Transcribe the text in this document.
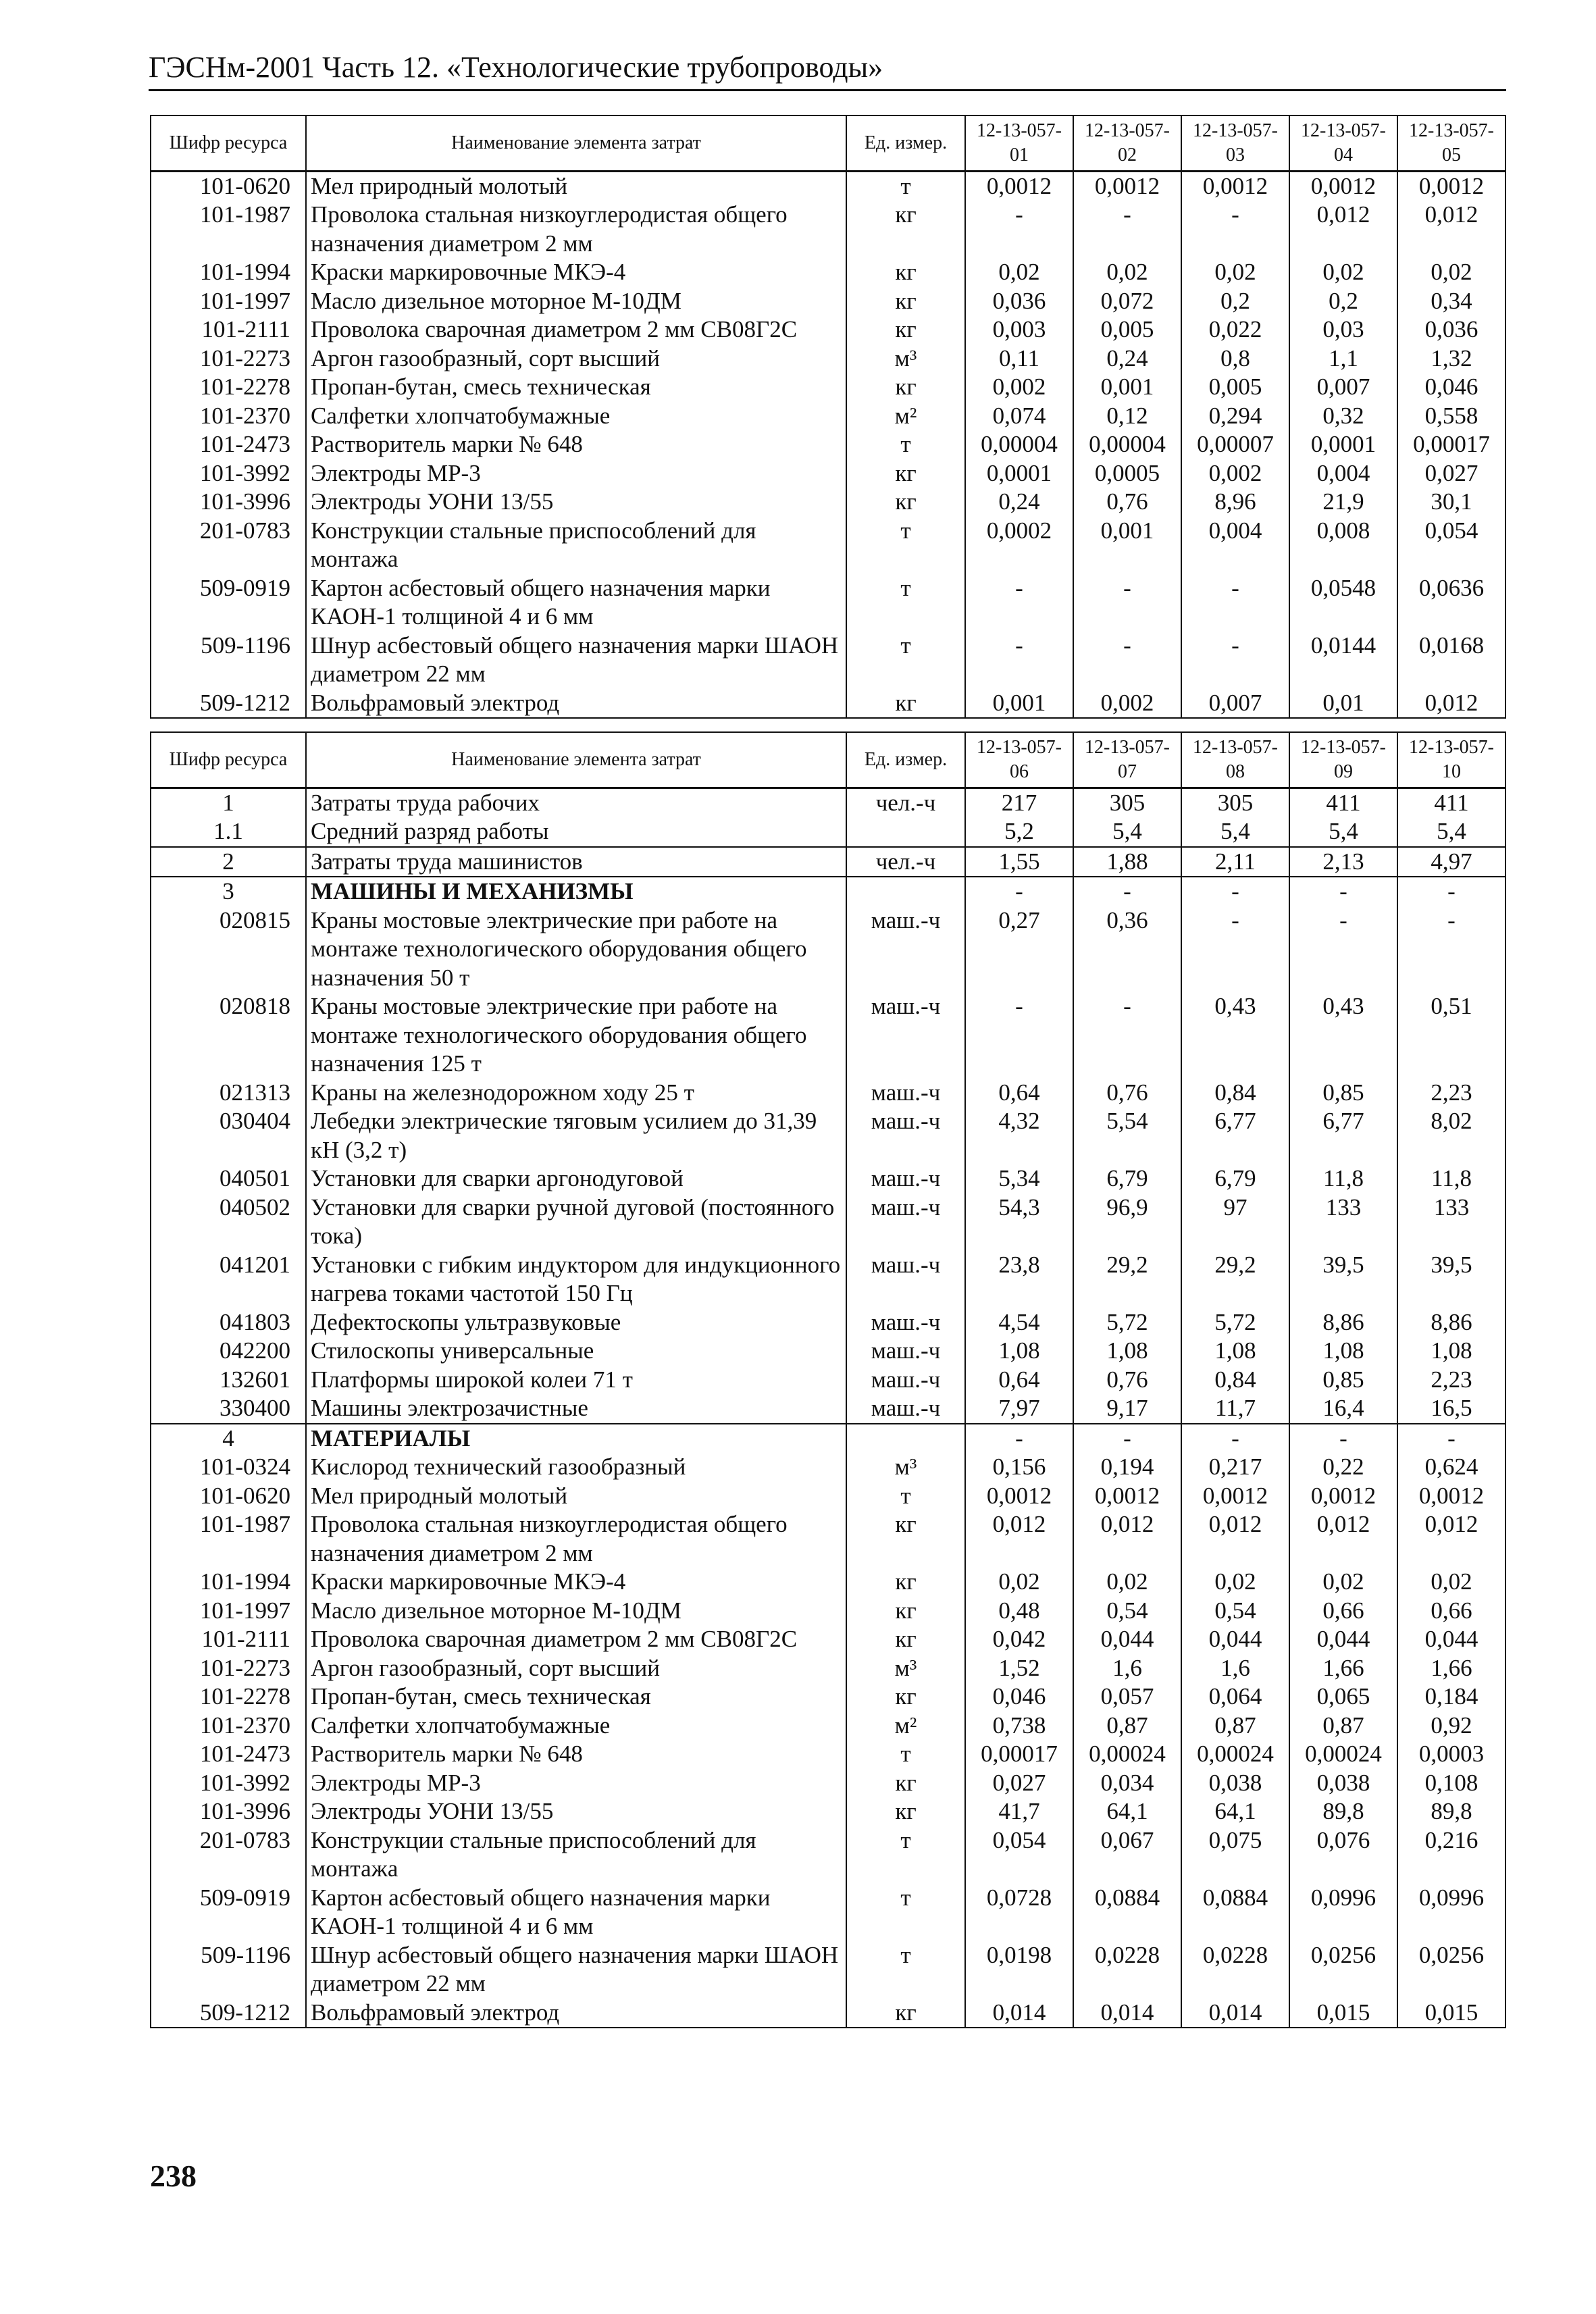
ГЭСНм-2001 Часть 12. «Технологические трубопроводы»
Шифр ресурса	Наименование элемента затрат	Ед. измер.	12-13-057-01	12-13-057-02	12-13-057-03	12-13-057-04	12-13-057-05
101-0620	Мел природный молотый	т	0,0012	0,0012	0,0012	0,0012	0,0012
101-1987	Проволока стальная низкоуглеродистая общего назначения диаметром 2 мм	кг	-	-	-	0,012	0,012
101-1994	Краски маркировочные МКЭ-4	кг	0,02	0,02	0,02	0,02	0,02
101-1997	Масло дизельное моторное М-10ДМ	кг	0,036	0,072	0,2	0,2	0,34
101-2111	Проволока сварочная диаметром 2 мм СВ08Г2С	кг	0,003	0,005	0,022	0,03	0,036
101-2273	Аргон газообразный, сорт высший	м³	0,11	0,24	0,8	1,1	1,32
101-2278	Пропан-бутан, смесь техническая	кг	0,002	0,001	0,005	0,007	0,046
101-2370	Салфетки хлопчатобумажные	м²	0,074	0,12	0,294	0,32	0,558
101-2473	Растворитель марки № 648	т	0,00004	0,00004	0,00007	0,0001	0,00017
101-3992	Электроды МР-3	кг	0,0001	0,0005	0,002	0,004	0,027
101-3996	Электроды УОНИ 13/55	кг	0,24	0,76	8,96	21,9	30,1
201-0783	Конструкции стальные приспособлений для монтажа	т	0,0002	0,001	0,004	0,008	0,054
509-0919	Картон асбестовый общего назначения марки КАОН-1 толщиной 4 и 6 мм	т	-	-	-	0,0548	0,0636
509-1196	Шнур асбестовый общего назначения марки ШАОН диаметром 22 мм	т	-	-	-	0,0144	0,0168
509-1212	Вольфрамовый электрод	кг	0,001	0,002	0,007	0,01	0,012
Шифр ресурса	Наименование элемента затрат	Ед. измер.	12-13-057-06	12-13-057-07	12-13-057-08	12-13-057-09	12-13-057-10
1	Затраты труда рабочих	чел.-ч	217	305	305	411	411
1.1	Средний разряд работы		5,2	5,4	5,4	5,4	5,4
2	Затраты труда машинистов	чел.-ч	1,55	1,88	2,11	2,13	4,97
3	МАШИНЫ И МЕХАНИЗМЫ		-	-	-	-	-
020815	Краны мостовые электрические при работе на монтаже технологического оборудования общего назначения 50 т	маш.-ч	0,27	0,36	-	-	-
020818	Краны мостовые электрические при работе на монтаже технологического оборудования общего назначения 125 т	маш.-ч	-	-	0,43	0,43	0,51
021313	Краны на железнодорожном ходу 25 т	маш.-ч	0,64	0,76	0,84	0,85	2,23
030404	Лебедки электрические тяговым усилием до 31,39 кН (3,2 т)	маш.-ч	4,32	5,54	6,77	6,77	8,02
040501	Установки для сварки аргонодуговой	маш.-ч	5,34	6,79	6,79	11,8	11,8
040502	Установки для сварки ручной дуговой (постоянного тока)	маш.-ч	54,3	96,9	97	133	133
041201	Установки с гибким индуктором для индукционного нагрева токами частотой 150 Гц	маш.-ч	23,8	29,2	29,2	39,5	39,5
041803	Дефектоскопы ультразвуковые	маш.-ч	4,54	5,72	5,72	8,86	8,86
042200	Стилоскопы универсальные	маш.-ч	1,08	1,08	1,08	1,08	1,08
132601	Платформы широкой колеи 71 т	маш.-ч	0,64	0,76	0,84	0,85	2,23
330400	Машины электрозачистные	маш.-ч	7,97	9,17	11,7	16,4	16,5
4	МАТЕРИАЛЫ		-	-	-	-	-
101-0324	Кислород технический газообразный	м³	0,156	0,194	0,217	0,22	0,624
101-0620	Мел природный молотый	т	0,0012	0,0012	0,0012	0,0012	0,0012
101-1987	Проволока стальная низкоуглеродистая общего назначения диаметром 2 мм	кг	0,012	0,012	0,012	0,012	0,012
101-1994	Краски маркировочные МКЭ-4	кг	0,02	0,02	0,02	0,02	0,02
101-1997	Масло дизельное моторное М-10ДМ	кг	0,48	0,54	0,54	0,66	0,66
101-2111	Проволока сварочная диаметром 2 мм СВ08Г2С	кг	0,042	0,044	0,044	0,044	0,044
101-2273	Аргон газообразный, сорт высший	м³	1,52	1,6	1,6	1,66	1,66
101-2278	Пропан-бутан, смесь техническая	кг	0,046	0,057	0,064	0,065	0,184
101-2370	Салфетки хлопчатобумажные	м²	0,738	0,87	0,87	0,87	0,92
101-2473	Растворитель марки № 648	т	0,00017	0,00024	0,00024	0,00024	0,0003
101-3992	Электроды МР-3	кг	0,027	0,034	0,038	0,038	0,108
101-3996	Электроды УОНИ 13/55	кг	41,7	64,1	64,1	89,8	89,8
201-0783	Конструкции стальные приспособлений для монтажа	т	0,054	0,067	0,075	0,076	0,216
509-0919	Картон асбестовый общего назначения марки КАОН-1 толщиной 4 и 6 мм	т	0,0728	0,0884	0,0884	0,0996	0,0996
509-1196	Шнур асбестовый общего назначения марки ШАОН диаметром 22 мм	т	0,0198	0,0228	0,0228	0,0256	0,0256
509-1212	Вольфрамовый электрод	кг	0,014	0,014	0,014	0,015	0,015
238
